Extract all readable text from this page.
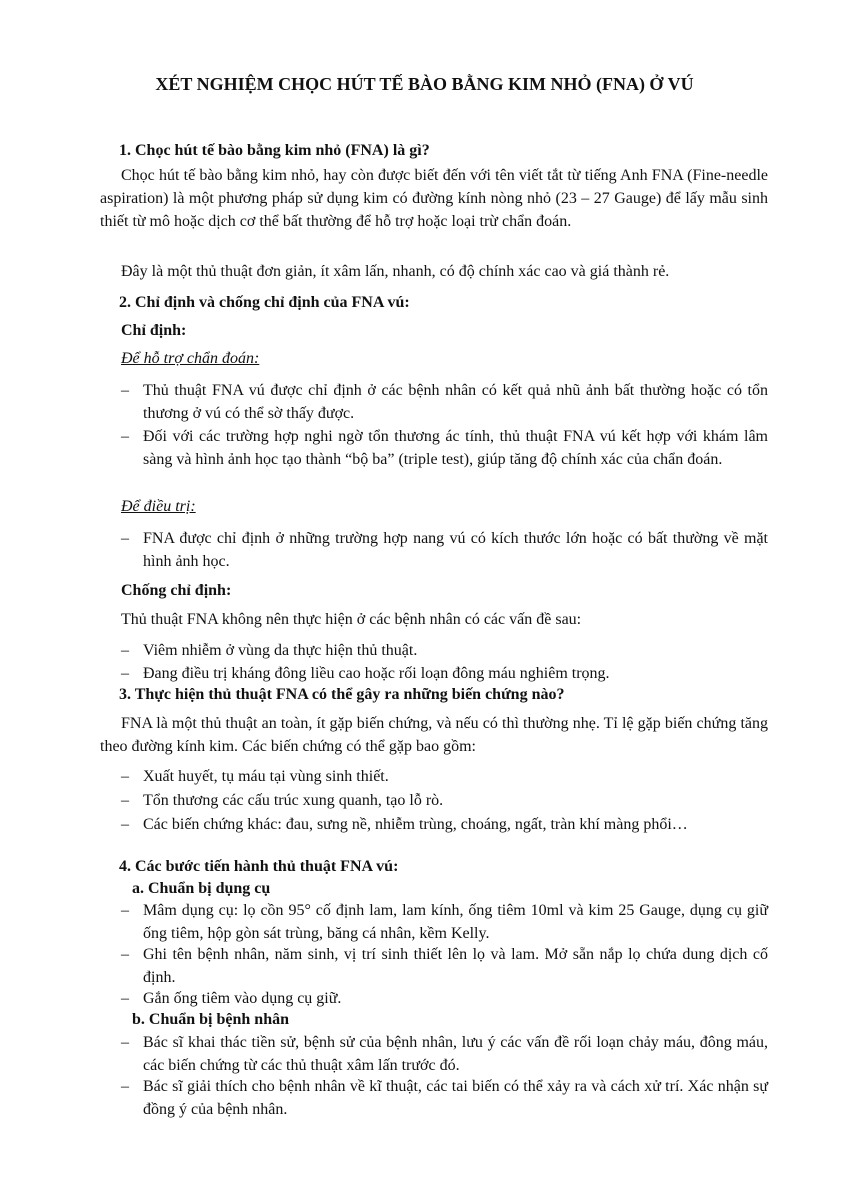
XÉT NGHIỆM CHỌC HÚT TẾ BÀO BẰNG KIM NHỎ (FNA) Ở VÚ
1. Chọc hút tế bào bằng kim nhỏ (FNA) là gì?

Chọc hút tế bào bằng kim nhỏ, hay còn được biết đến với tên viết tắt từ tiếng Anh FNA (Fine-needle aspiration) là một phương pháp sử dụng kim có đường kính nòng nhỏ (23 – 27 Gauge) để lấy mẫu sinh thiết từ mô hoặc dịch cơ thể bất thường để hỗ trợ hoặc loại trừ chẩn đoán.

Đây là một thủ thuật đơn giản, ít xâm lấn, nhanh, có độ chính xác cao và giá thành rẻ.

2. Chỉ định và chống chỉ định của FNA vú:
Chỉ định:
Để hỗ trợ chẩn đoán:
– Thủ thuật FNA vú được chỉ định ở các bệnh nhân có kết quả nhũ ảnh bất thường hoặc có tổn thương ở vú có thể sờ thấy được.
– Đối với các trường hợp nghi ngờ tổn thương ác tính, thủ thuật FNA vú kết hợp với khám lâm sàng và hình ảnh học tạo thành “bộ ba” (triple test), giúp tăng độ chính xác của chẩn đoán.
Để điều trị:
– FNA được chỉ định ở những trường hợp nang vú có kích thước lớn hoặc có bất thường về mặt hình ảnh học.
Chống chỉ định:

Thủ thuật FNA không nên thực hiện ở các bệnh nhân có các vấn đề sau:

– Viêm nhiễm ở vùng da thực hiện thủ thuật.
– Đang điều trị kháng đông liều cao hoặc rối loạn đông máu nghiêm trọng.
3. Thực hiện thủ thuật FNA có thể gây ra những biến chứng nào?

FNA là một thủ thuật an toàn, ít gặp biến chứng, và nếu có thì thường nhẹ. Tỉ lệ gặp biến chứng tăng theo đường kính kim. Các biến chứng có thể gặp bao gồm:

– Xuất huyết, tụ máu tại vùng sinh thiết.
– Tổn thương các cấu trúc xung quanh, tạo lỗ rò.
– Các biến chứng khác: đau, sưng nề, nhiễm trùng, choáng, ngất, tràn khí màng phổi…
4. Các bước tiến hành thủ thuật FNA vú:
a. Chuẩn bị dụng cụ
– Mâm dụng cụ: lọ cồn 95° cố định lam, lam kính, ống tiêm 10ml và kim 25 Gauge, dụng cụ giữ ống tiêm, hộp gòn sát trùng, băng cá nhân, kềm Kelly.
– Ghi tên bệnh nhân, năm sinh, vị trí sinh thiết lên lọ và lam. Mở sẵn nắp lọ chứa dung dịch cố định.
– Gắn ống tiêm vào dụng cụ giữ.
b. Chuẩn bị bệnh nhân
– Bác sĩ khai thác tiền sử, bệnh sử của bệnh nhân, lưu ý các vấn đề rối loạn chảy máu, đông máu, các biến chứng từ các thủ thuật xâm lấn trước đó.
– Bác sĩ giải thích cho bệnh nhân về kĩ thuật, các tai biến có thể xảy ra và cách xử trí. Xác nhận sự đồng ý của bệnh nhân.
